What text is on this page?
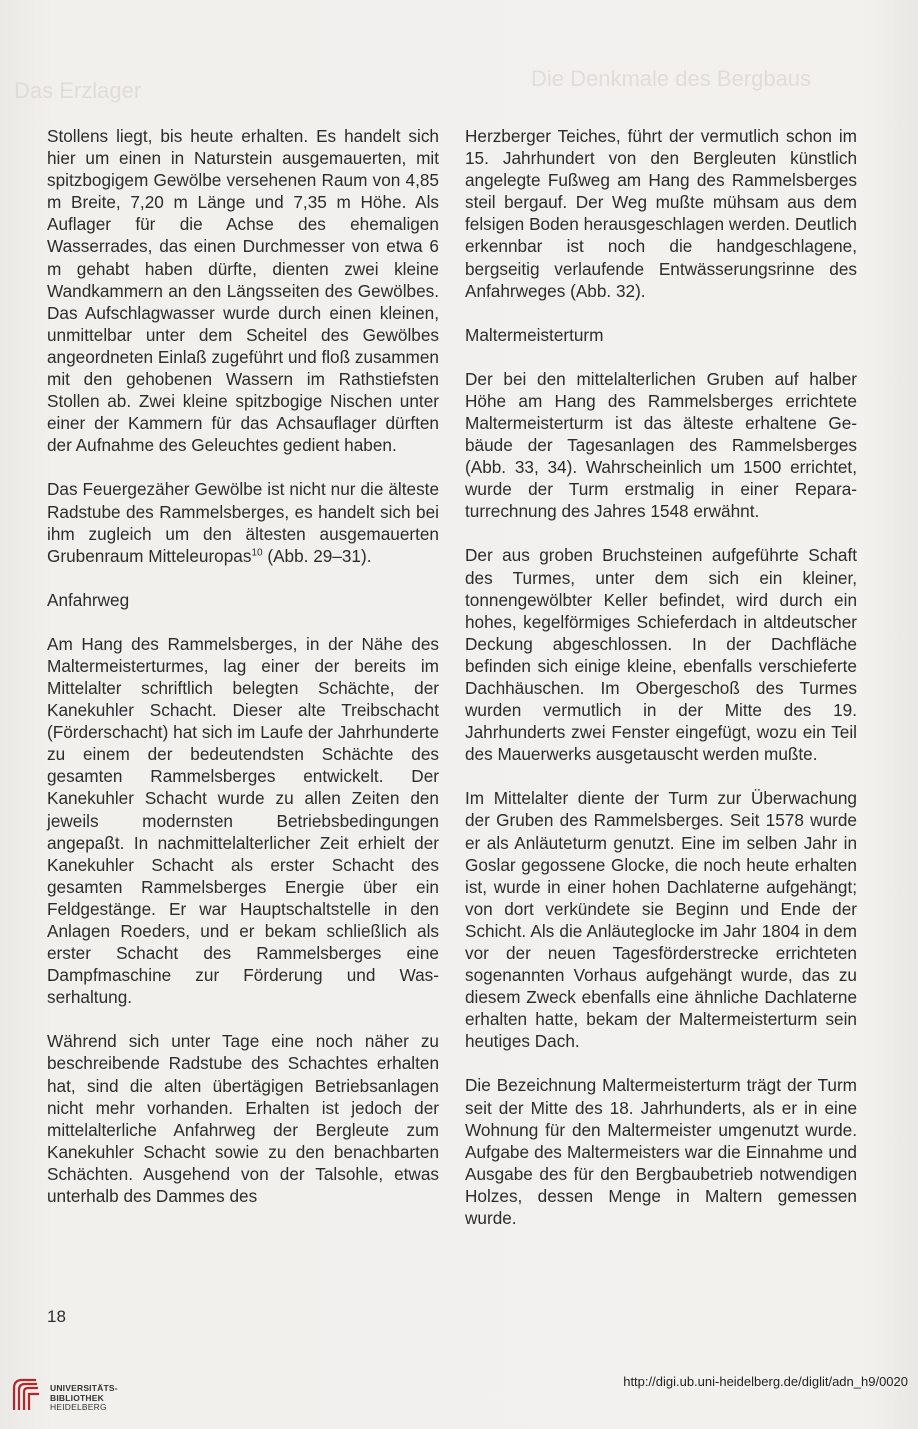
Das Erzlager	Die Denkmale des Bergbaus

Stollens liegt, bis heute erhalten. Es handelt sich hier um einen in Naturstein ausgemauerten, mit spitzbogigem Gewölbe versehenen Raum von 4,85 m Breite, 7,20 m Länge und 7,35 m Höhe. Als Auflager für die Achse des ehemaligen Wasserrades, das einen Durchmesser von etwa 6 m gehabt haben dürfte, dienten zwei kleine Wandkammern an den Längsseiten des Gewölbes. Das Aufschlagwasser wurde durch einen kleinen, unmittelbar unter dem Scheitel des Gewölbes angeordneten Einlaß zugeführt und floß zusammen mit den gehobenen Wassern im Rathstiefsten Stollen ab. Zwei kleine spitzbogige Nischen unter einer der Kammern für das Achsauflager dürften der Aufnahme des Geleuchtes gedient haben.

Das Feuergezäher Gewölbe ist nicht nur die älteste Radstube des Rammelsberges, es handelt sich bei ihm zugleich um den ältesten ausgemauerten Grubenraum Mitteleuropas$^{10}$ (Abb. 29–31).

Anfahrweg

Am Hang des Rammelsberges, in der Nähe des Maltermeisterturmes, lag einer der bereits im Mittelalter schriftlich belegten Schächte, der Kanekuhler Schacht. Dieser alte Treibschacht (Förderschacht) hat sich im Laufe der Jahrhunderte zu einem der bedeutendsten Schächte des gesamten Rammelsberges entwickelt. Der Kanekuhler Schacht wurde zu allen Zeiten den jeweils modernsten Betriebsbedingungen angepaßt. In nachmittelalterlicher Zeit erhielt der Kanekuhler Schacht als erster Schacht des gesamten Rammelsberges Energie über ein Feldgestänge. Er war Hauptschaltstelle in den Anlagen Roeders, und er bekam schließlich als erster Schacht des Rammelsberges eine Dampfmaschine zur Förderung und Wasserhaltung.

Während sich unter Tage eine noch näher zu beschreibende Radstube des Schachtes erhalten hat, sind die alten übertägigen Betriebsanlagen nicht mehr vorhanden. Erhalten ist jedoch der mittelalterliche Anfahrweg der Bergleute zum Kanekuhler Schacht sowie zu den benachbarten Schächten. Ausgehend von der Talsohle, etwas unterhalb des Dammes des

Herzberger Teiches, führt der vermutlich schon im 15. Jahrhundert von den Bergleuten künstlich angelegte Fußweg am Hang des Rammelsberges steil bergauf. Der Weg mußte mühsam aus dem felsigen Boden herausgeschlagen werden. Deutlich erkennbar ist noch die handgeschlagene, bergseitig verlaufende Entwässerungsrinne des Anfahrweges (Abb. 32).

Maltermeisterturm

Der bei den mittelalterlichen Gruben auf halber Höhe am Hang des Rammelsberges errichtete Maltermeisterturm ist das älteste erhaltene Gebäude der Tagesanlagen des Rammelsberges (Abb. 33, 34). Wahrscheinlich um 1500 errichtet, wurde der Turm erstmalig in einer Reparaturrechnung des Jahres 1548 erwähnt.

Der aus groben Bruchsteinen aufgeführte Schaft des Turmes, unter dem sich ein kleiner, tonnengewölbter Keller befindet, wird durch ein hohes, kegelförmiges Schieferdach in altdeutscher Deckung abgeschlossen. In der Dachfläche befinden sich einige kleine, ebenfalls verschieferte Dachhäuschen. Im Obergeschoß des Turmes wurden vermutlich in der Mitte des 19. Jahrhunderts zwei Fenster eingefügt, wozu ein Teil des Mauerwerks ausgetauscht werden mußte.

Im Mittelalter diente der Turm zur Überwachung der Gruben des Rammelsberges. Seit 1578 wurde er als Anläuteturm genutzt. Eine im selben Jahr in Goslar gegossene Glocke, die noch heute erhalten ist, wurde in einer hohen Dachlaterne aufgehängt; von dort verkündete sie Beginn und Ende der Schicht. Als die Anläuteglocke im Jahr 1804 in dem vor der neuen Tagesförderstrecke errichteten sogenannten Vorhaus aufgehängt wurde, das zu diesem Zweck ebenfalls eine ähnliche Dachlaterne erhalten hatte, bekam der Maltermeisterturm sein heutiges Dach.

Die Bezeichnung Maltermeisterturm trägt der Turm seit der Mitte des 18. Jahrhunderts, als er in eine Wohnung für den Maltermeister umgenutzt wurde. Aufgabe des Maltermeisters war die Einnahme und Ausgabe des für den Bergbaubetrieb notwendigen Holzes, dessen Menge in Maltern gemessen wurde.

18
UNIVERSITÄTS-
BIBLIOTHEK
HEIDELBERG
http://digi.ub.uni-heidelberg.de/diglit/adn_h9/0020
